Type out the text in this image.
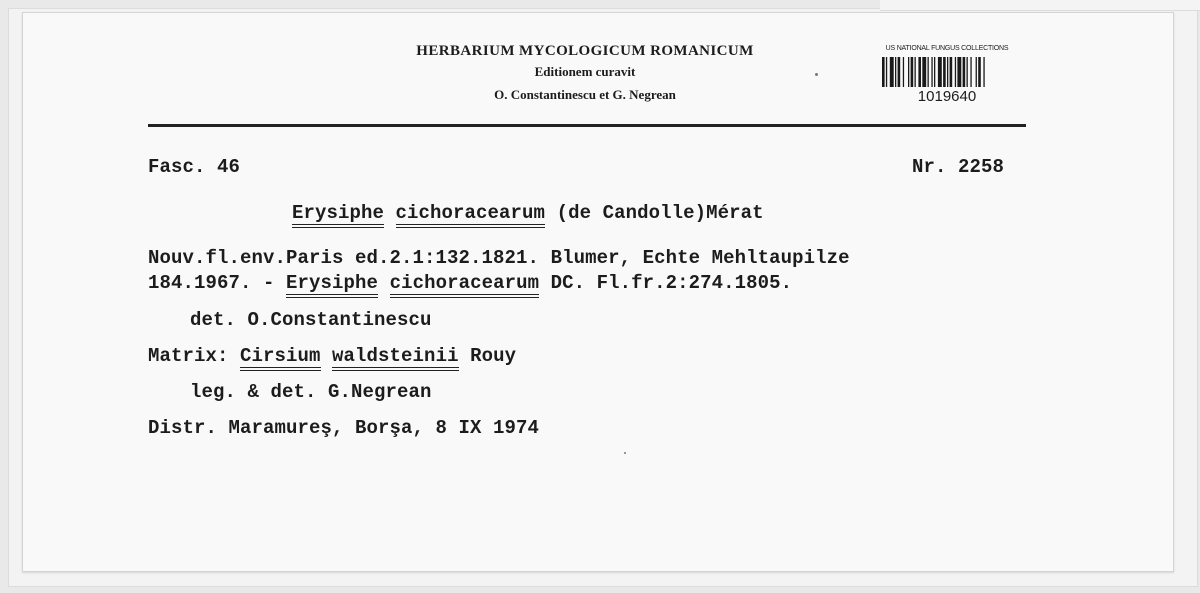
HERBARIUM MYCOLOGICUM ROMANICUM
Editionem curavit
O. Constantinescu et G. Negrean
US NATIONAL FUNGUS COLLECTIONS
1019640
Fasc. 46	Nr. 2258
Erysiphe cichoracearum (de Candolle)Mérat
Nouv.fl.env.Paris ed.2.1:132.1821. Blumer, Echte Mehltaupilze
184.1967. - Erysiphe cichoracearum DC. Fl.fr.2:274.1805.
det. O.Constantinescu
Matrix: Cirsium waldsteinii Rouy
leg. & det. G.Negrean
Distr. Maramureş, Borşa, 8 IX 1974
